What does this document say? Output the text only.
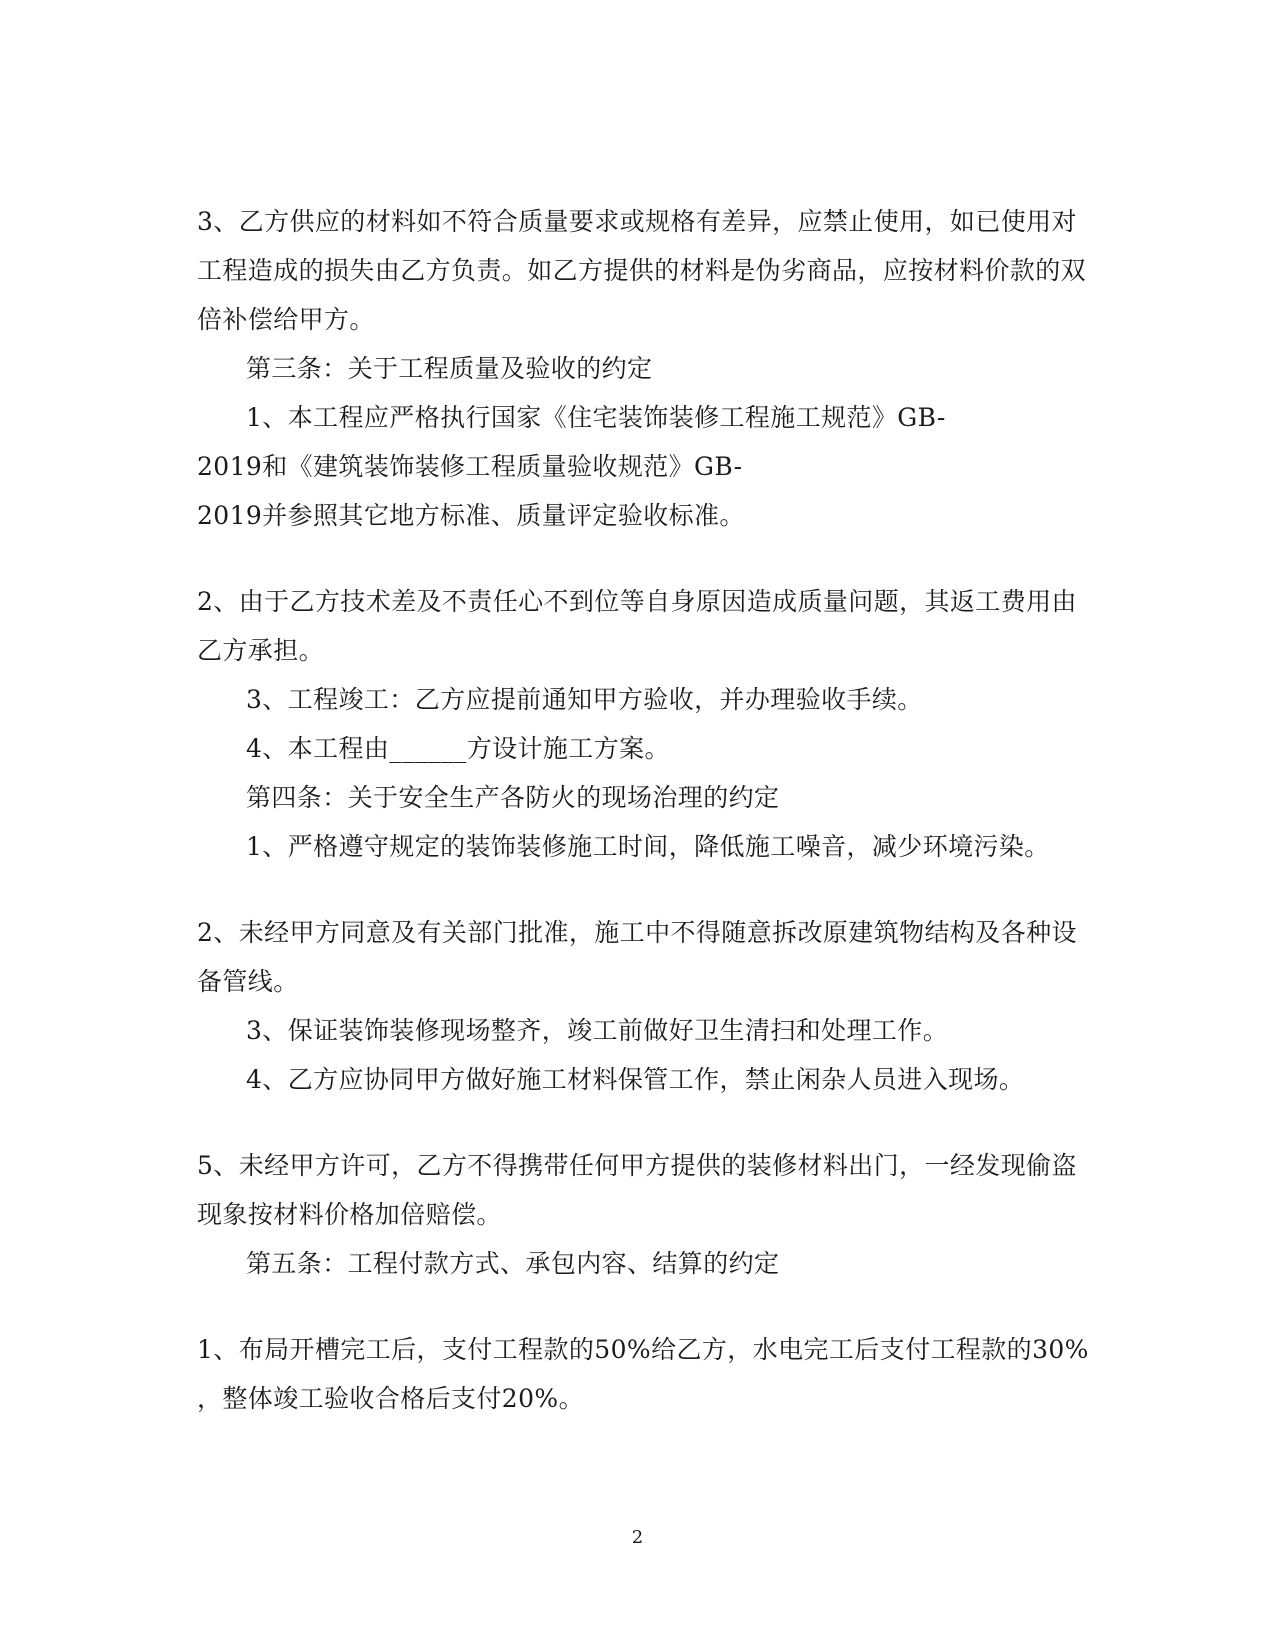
3、乙方供应的材料如不符合质量要求或规格有差异，应禁止使用，如已使用对
工程造成的损失由乙方负责。如乙方提供的材料是伪劣商品，应按材料价款的双
倍补偿给甲方。
第三条：关于工程质量及验收的约定
1、本工程应严格执行国家《住宅装饰装修工程施工规范》GB-
2019和《建筑装饰装修工程质量验收规范》GB-
2019并参照其它地方标准、质量评定验收标准。
2、由于乙方技术差及不责任心不到位等自身原因造成质量问题，其返工费用由
乙方承担。
3、工程竣工：乙方应提前通知甲方验收，并办理验收手续。
4、本工程由______方设计施工方案。
第四条：关于安全生产各防火的现场治理的约定
1、严格遵守规定的装饰装修施工时间，降低施工噪音，减少环境污染。
2、未经甲方同意及有关部门批准，施工中不得随意拆改原建筑物结构及各种设
备管线。
3、保证装饰装修现场整齐，竣工前做好卫生清扫和处理工作。
4、乙方应协同甲方做好施工材料保管工作，禁止闲杂人员进入现场。
5、未经甲方许可，乙方不得携带任何甲方提供的装修材料出门，一经发现偷盗
现象按材料价格加倍赔偿。
第五条：工程付款方式、承包内容、结算的约定
1、布局开槽完工后，支付工程款的50%给乙方，水电完工后支付工程款的30%
，整体竣工验收合格后支付20%。
2
